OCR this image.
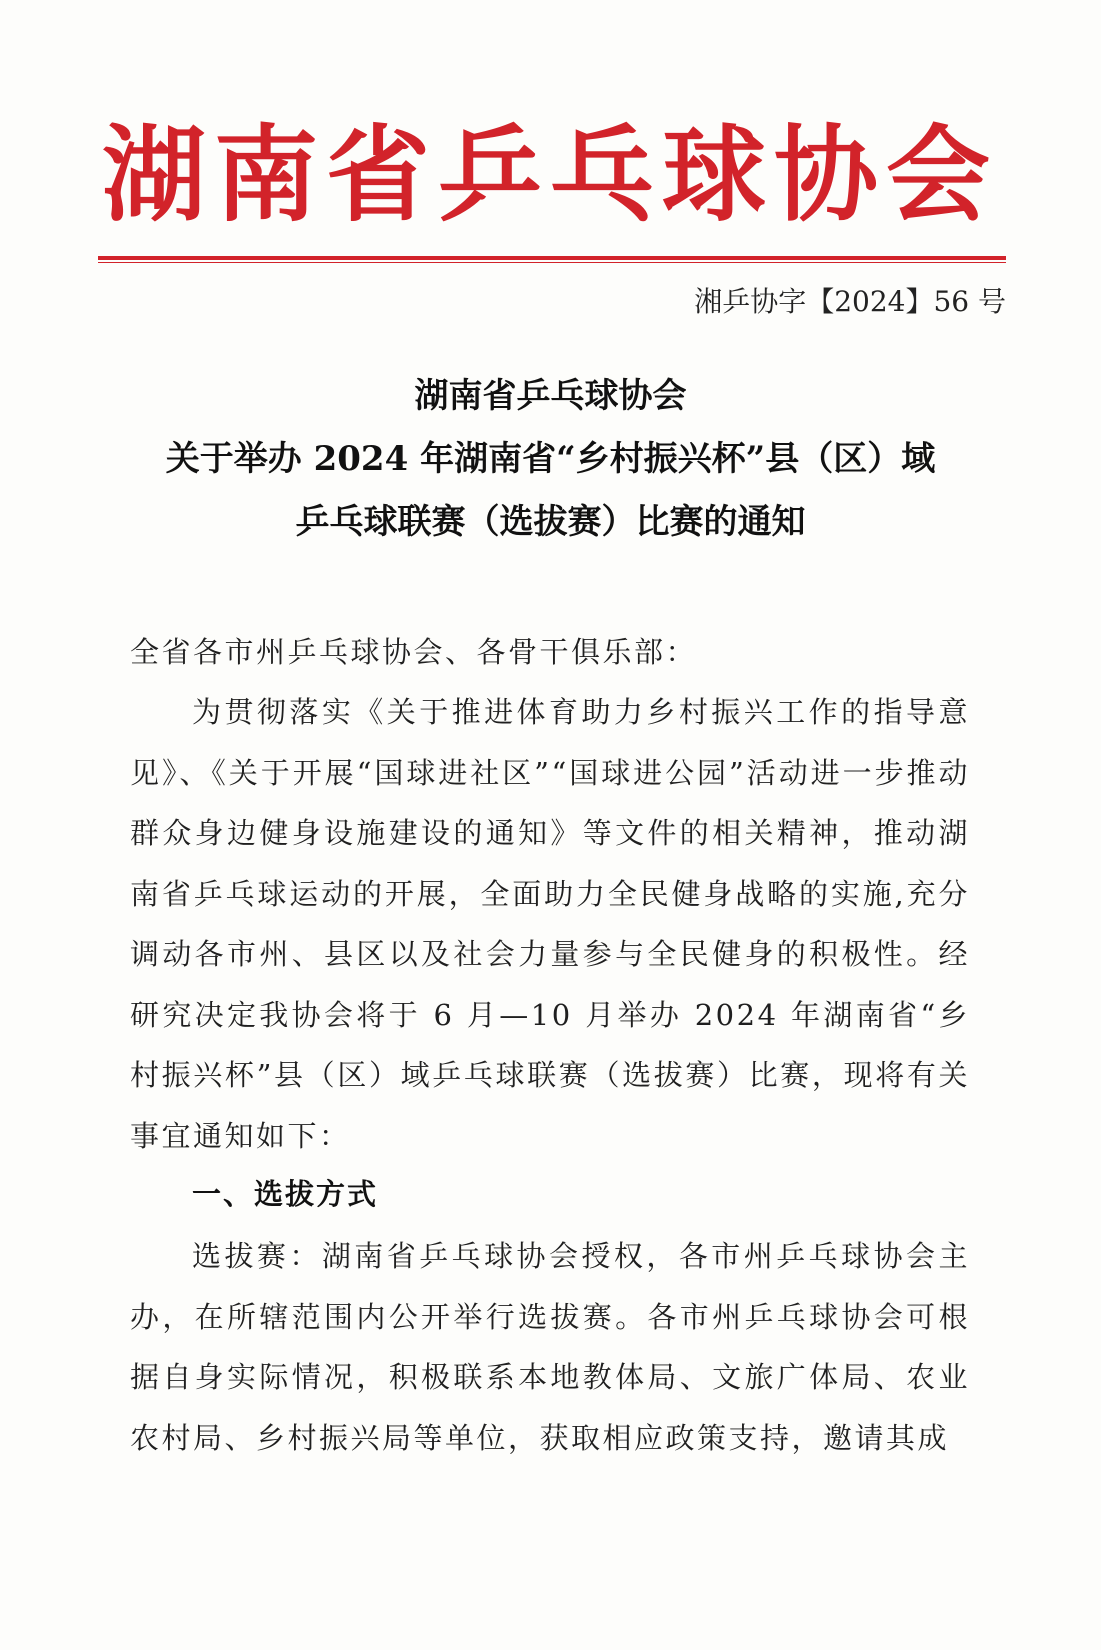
湖南省乒乓球协会
湘乒协字【2024】56 号
湖南省乒乓球协会
关于举办 2024 年湖南省“乡村振兴杯”县（区）域
乒乓球联赛（选拔赛）比赛的通知
全省各市州乒乓球协会、各骨干俱乐部：
为贯彻落实《关于推进体育助力乡村振兴工作的指导意见》、《关于开展“国球进社区”“国球进公园”活动进一步推动群众身边健身设施建设的通知》等文件的相关精神，推动湖南省乒乓球运动的开展，全面助力全民健身战略的实施,充分调动各市州、县区以及社会力量参与全民健身的积极性。经研究决定我协会将于 6 月—10 月举办 2024 年湖南省“乡村振兴杯”县（区）域乒乓球联赛（选拔赛）比赛，现将有关事宜通知如下：
一、选拔方式
选拔赛：湖南省乒乓球协会授权，各市州乒乓球协会主办，在所辖范围内公开举行选拔赛。各市州乒乓球协会可根据自身实际情况，积极联系本地教体局、文旅广体局、农业农村局、乡村振兴局等单位，获取相应政策支持，邀请其成
